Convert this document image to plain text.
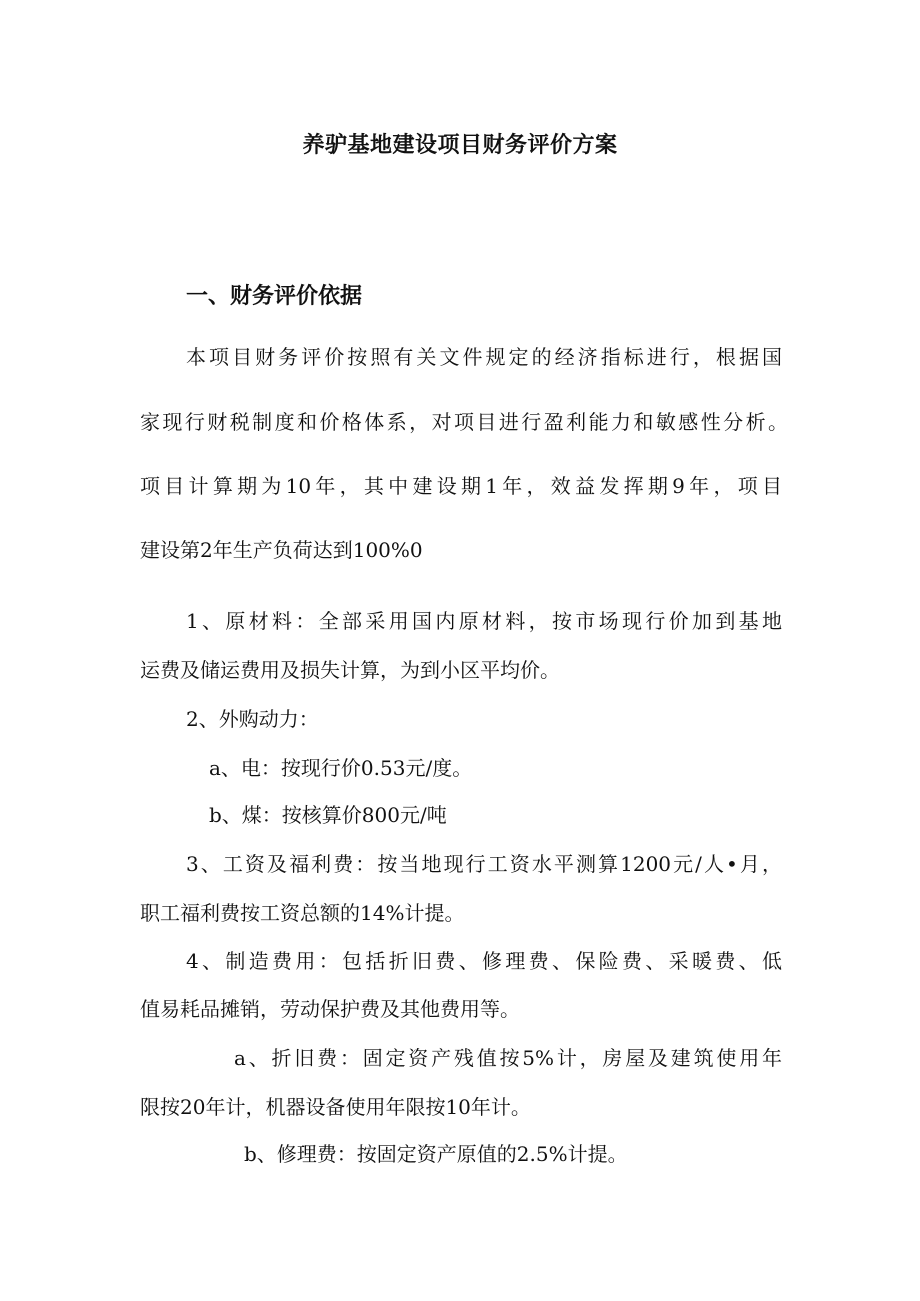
养驴基地建设项目财务评价方案
一、财务评价依据
本项目财务评价按照有关文件规定的经济指标进行，根据国
家现行财税制度和价格体系，对项目进行盈利能力和敏感性分析。
项目计算期为10年，其中建设期1年，效益发挥期9年，项目
建设第2年生产负荷达到100%0
1、原材料：全部采用国内原材料，按市场现行价加到基地
运费及储运费用及损失计算，为到小区平均价。
2、外购动力：
a、电：按现行价0.53元/度。
b、煤：按核算价800元/吨
3、工资及福利费：按当地现行工资水平测算1200元/人•月，
职工福利费按工资总额的14%计提。
4、制造费用：包括折旧费、修理费、保险费、采暖费、低
值易耗品摊销，劳动保护费及其他费用等。
a、折旧费：固定资产残值按5%计，房屋及建筑使用年
限按20年计，机器设备使用年限按10年计。
b、修理费：按固定资产原值的2.5%计提。
